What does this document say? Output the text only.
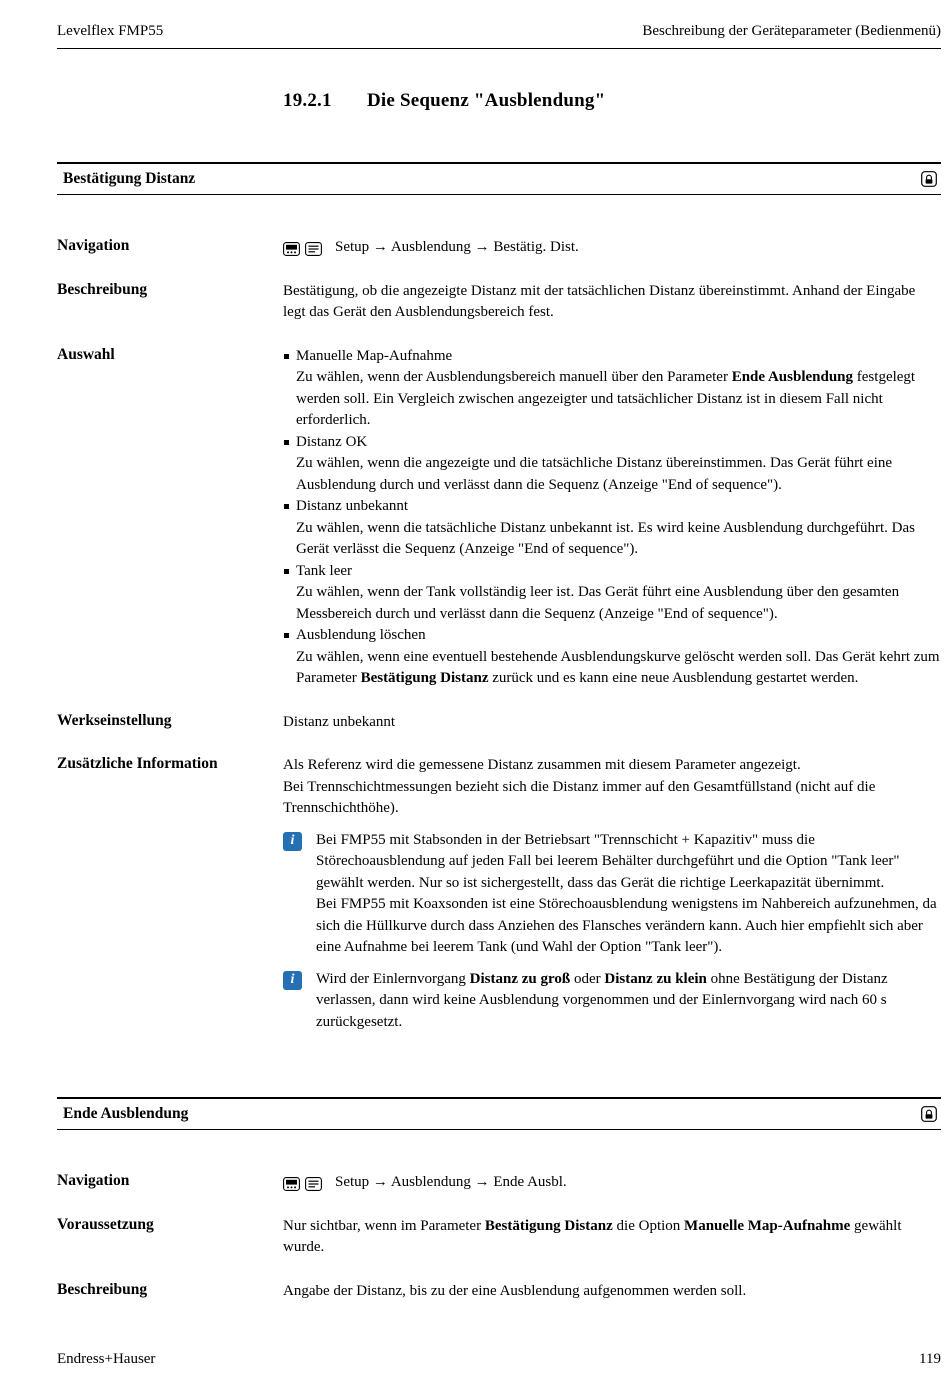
Levelflex FMP55	Beschreibung der Geräteparameter (Bedienmenü)
19.2.1 Die Sequenz "Ausblendung"
Bestätigung Distanz
Navigation	Setup → Ausblendung → Bestätig. Dist.
Beschreibung	Bestätigung, ob die angezeigte Distanz mit der tatsächlichen Distanz übereinstimmt. Anhand der Eingabe legt das Gerät den Ausblendungsbereich fest.
Auswahl	Manuelle Map-Aufnahme
Zu wählen, wenn der Ausblendungsbereich manuell über den Parameter Ende Ausblendung festgelegt werden soll. Ein Vergleich zwischen angezeigter und tatsächlicher Distanz ist in diesem Fall nicht erforderlich.
Distanz OK
Zu wählen, wenn die angezeigte und die tatsächliche Distanz übereinstimmen. Das Gerät führt eine Ausblendung durch und verlässt dann die Sequenz (Anzeige "End of sequence").
Distanz unbekannt
Zu wählen, wenn die tatsächliche Distanz unbekannt ist. Es wird keine Ausblendung durchgeführt. Das Gerät verlässt die Sequenz (Anzeige "End of sequence").
Tank leer
Zu wählen, wenn der Tank vollständig leer ist. Das Gerät führt eine Ausblendung über den gesamten Messbereich durch und verlässt dann die Sequenz (Anzeige "End of sequence").
Ausblendung löschen
Zu wählen, wenn eine eventuell bestehende Ausblendungskurve gelöscht werden soll. Das Gerät kehrt zum Parameter Bestätigung Distanz zurück und es kann eine neue Ausblendung gestartet werden.
Werkseinstellung	Distanz unbekannt
Zusätzliche Information	Als Referenz wird die gemessene Distanz zusammen mit diesem Parameter angezeigt.
Bei Trennschichtmessungen bezieht sich die Distanz immer auf den Gesamtfüllstand (nicht auf die Trennschichthöhe).
i	Bei FMP55 mit Stabsonden in der Betriebsart "Trennschicht + Kapazitiv" muss die Störechoausblendung auf jeden Fall bei leerem Behälter durchgeführt und die Option "Tank leer" gewählt werden. Nur so ist sichergestellt, dass das Gerät die richtige Leerkapazität übernimmt.
Bei FMP55 mit Koaxsonden ist eine Störechoausblendung wenigstens im Nahbereich aufzunehmen, da sich die Hüllkurve durch dass Anziehen des Flansches verändern kann. Auch hier empfiehlt sich aber eine Aufnahme bei leerem Tank (und Wahl der Option "Tank leer").
i	Wird der Einlernvorgang Distanz zu groß oder Distanz zu klein ohne Bestätigung der Distanz verlassen, dann wird keine Ausblendung vorgenommen und der Einlernvorgang wird nach 60 s zurückgesetzt.
Ende Ausblendung
Navigation	Setup → Ausblendung → Ende Ausbl.
Voraussetzung	Nur sichtbar, wenn im Parameter Bestätigung Distanz die Option Manuelle Map-Aufnahme gewählt wurde.
Beschreibung	Angabe der Distanz, bis zu der eine Ausblendung aufgenommen werden soll.
Endress+Hauser	119
